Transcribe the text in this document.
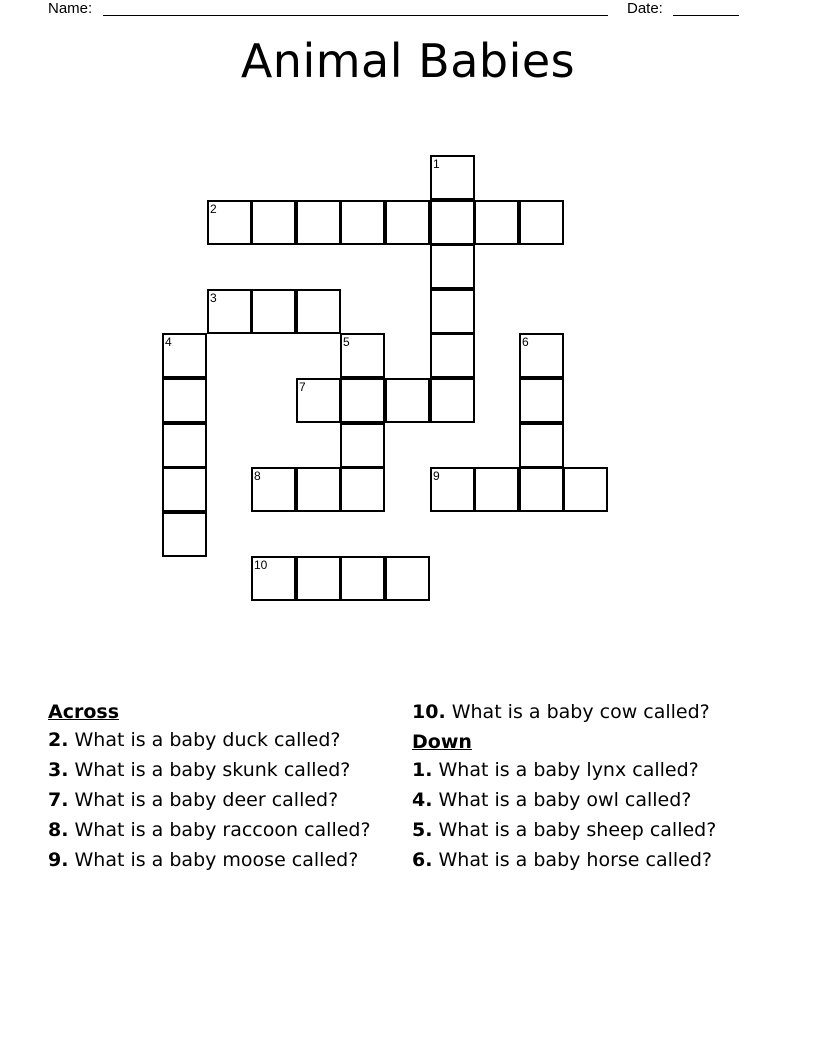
Name:	Date:
Animal Babies
1
2
3
4	5	6
7
8	9
10
Across
2. What is a baby duck called?
3. What is a baby skunk called?
7. What is a baby deer called?
8. What is a baby raccoon called?
9. What is a baby moose called?
10. What is a baby cow called?
Down
1. What is a baby lynx called?
4. What is a baby owl called?
5. What is a baby sheep called?
6. What is a baby horse called?
